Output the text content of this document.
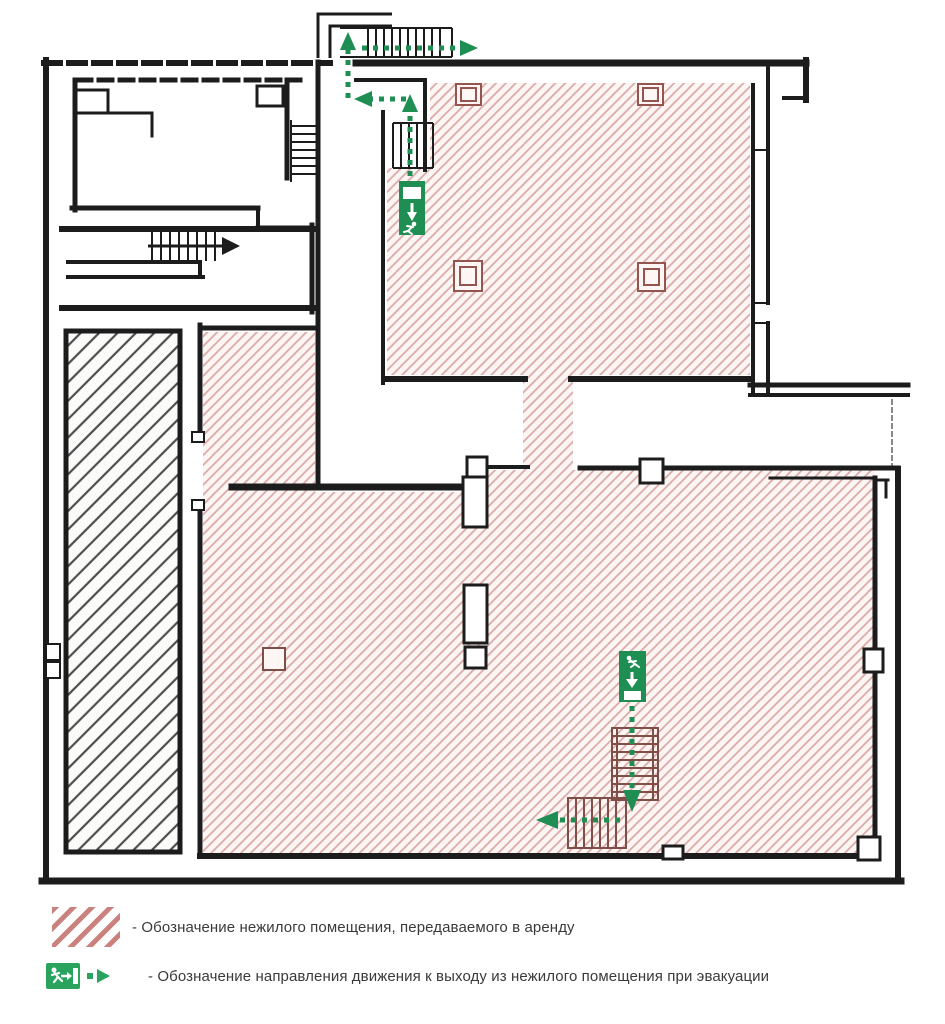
- Обозначение нежилого помещения, передаваемого в аренду
- Обозначение направления движения к выходу из нежилого помещения при эвакуации
